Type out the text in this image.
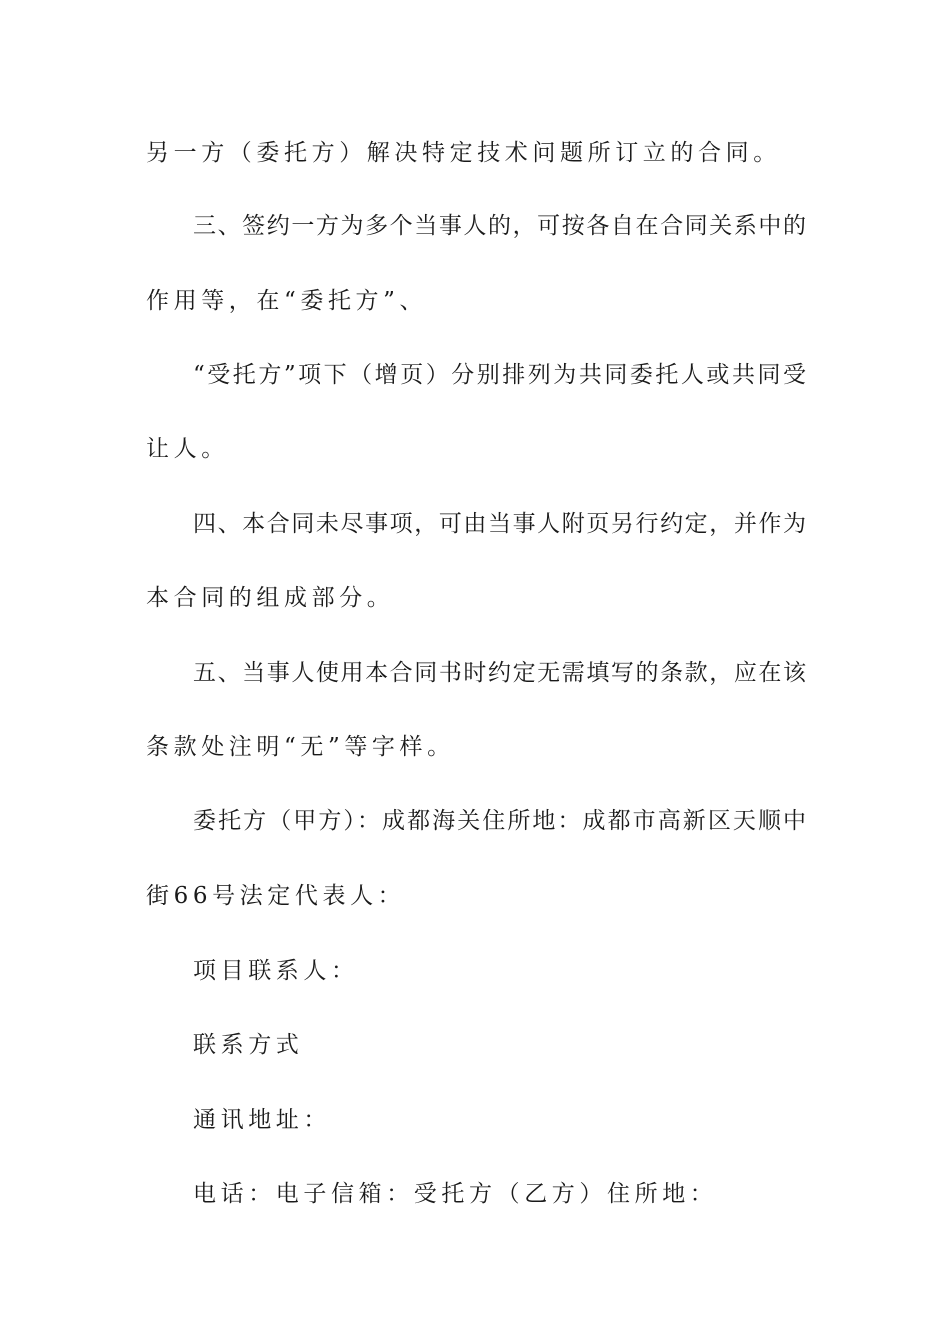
另一方（委托方）解决特定技术问题所订立的合同。
三、签约一方为多个当事人的，可按各自在合同关系中的
作用等，在“委托方”、
“受托方”项下（增页）分别排列为共同委托人或共同受
让人。
四、本合同未尽事项，可由当事人附页另行约定，并作为
本合同的组成部分。
五、当事人使用本合同书时约定无需填写的条款，应在该
条款处注明“无”等字样。
委托方（甲方）：成都海关住所地：成都市高新区天顺中
街66号法定代表人：
项目联系人：
联系方式
通讯地址：
电话：电子信箱：受托方（乙方）住所地：
